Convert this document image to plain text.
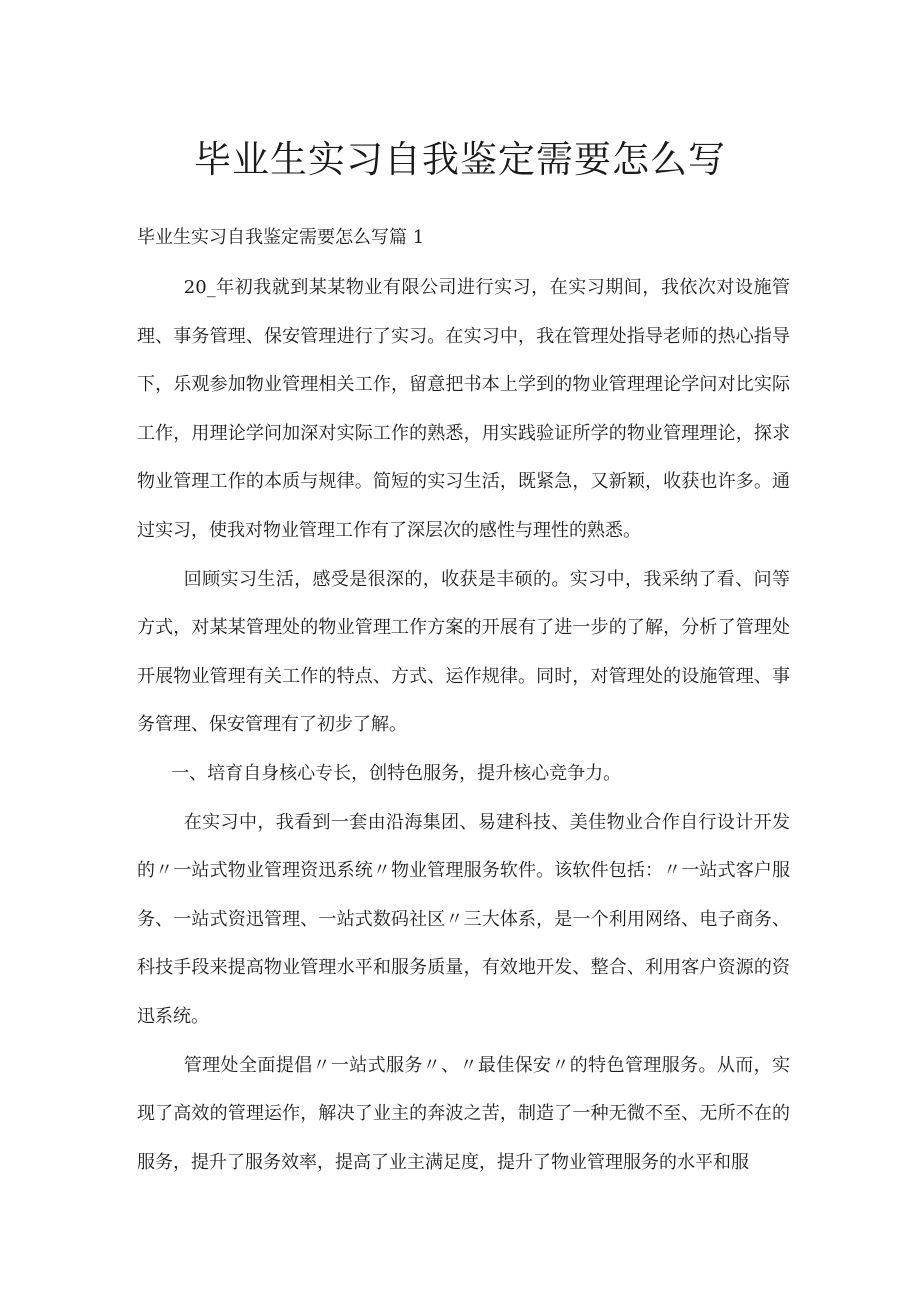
毕业生实习自我鉴定需要怎么写

毕业生实习自我鉴定需要怎么写篇 1

20_年初我就到某某物业有限公司进行实习，在实习期间，我依次对设施管理、事务管理、保安管理进行了实习。在实习中，我在管理处指导老师的热心指导下，乐观参加物业管理相关工作，留意把书本上学到的物业管理理论学问对比实际工作，用理论学问加深对实际工作的熟悉，用实践验证所学的物业管理理论，探求物业管理工作的本质与规律。简短的实习生活，既紧急，又新颖，收获也许多。通过实习，使我对物业管理工作有了深层次的感性与理性的熟悉。

回顾实习生活，感受是很深的，收获是丰硕的。实习中，我采纳了看、问等方式，对某某管理处的物业管理工作方案的开展有了进一步的了解，分析了管理处开展物业管理有关工作的特点、方式、运作规律。同时，对管理处的设施管理、事务管理、保安管理有了初步了解。

一、培育自身核心专长，创特色服务，提升核心竞争力。

在实习中，我看到一套由沿海集团、易建科技、美佳物业合作自行设计开发的〃一站式物业管理资迅系统〃物业管理服务软件。该软件包括：〃一站式客户服务、一站式资迅管理、一站式数码社区〃三大体系，是一个利用网络、电子商务、科技手段来提高物业管理水平和服务质量，有效地开发、整合、利用客户资源的资迅系统。

管理处全面提倡〃一站式服务〃、〃最佳保安〃的特色管理服务。从而，实现了高效的管理运作，解决了业主的奔波之苦，制造了一种无微不至、无所不在的服务，提升了服务效率，提高了业主满足度，提升了物业管理服务的水平和服
